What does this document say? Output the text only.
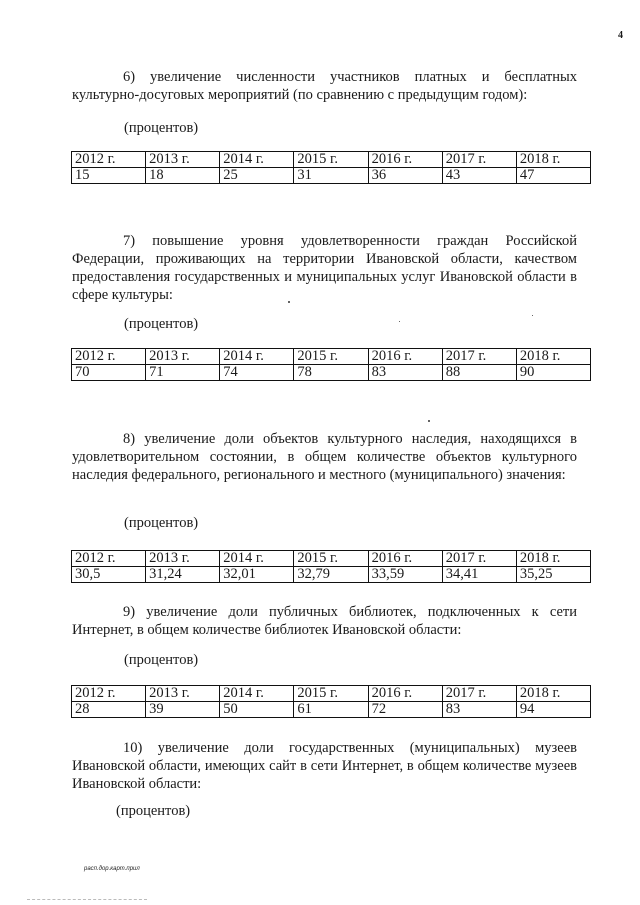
4

6) увеличение численности участников платных и бесплатных культурно-досуговых мероприятий (по сравнению с предыдущим годом):

(процентов)

2012 г.	2013 г.	2014 г.	2015 г.	2016 г.	2017 г.	2018 г.
15	18	25	31	36	43	47

7) повышение уровня удовлетворенности граждан Российской Федерации, проживающих на территории Ивановской области, качеством предоставления государственных и муниципальных услуг Ивановской области в сфере культуры:

(процентов)

2012 г.	2013 г.	2014 г.	2015 г.	2016 г.	2017 г.	2018 г.
70	71	74	78	83	88	90

8) увеличение доли объектов культурного наследия, находящихся в удовлетворительном состоянии, в общем количестве объектов культурного наследия федерального, регионального и местного (муниципального) значения:

(процентов)

2012 г.	2013 г.	2014 г.	2015 г.	2016 г.	2017 г.	2018 г.
30,5	31,24	32,01	32,79	33,59	34,41	35,25

9) увеличение доли публичных библиотек, подключенных к сети Интернет, в общем количестве библиотек Ивановской области:

(процентов)

2012 г.	2013 г.	2014 г.	2015 г.	2016 г.	2017 г.	2018 г.
28	39	50	61	72	83	94

10) увеличение доли государственных (муниципальных) музеев Ивановской области, имеющих сайт в сети Интернет, в общем количестве музеев Ивановской области:

(процентов)

расп.дор.карт.прил
